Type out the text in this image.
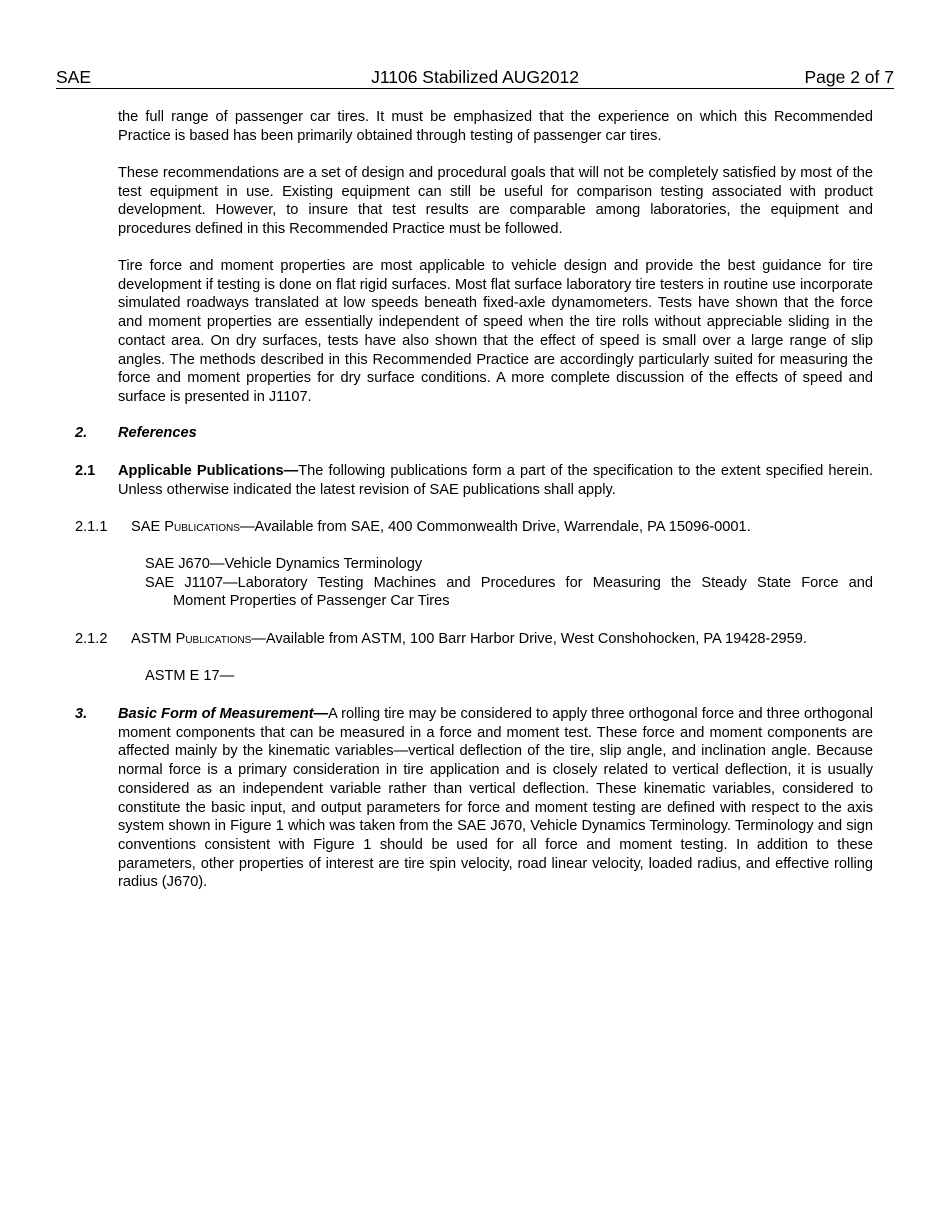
SAE	J1106 Stabilized AUG2012	Page 2 of 7

the full range of passenger car tires. It must be emphasized that the experience on which this Recommended Practice is based has been primarily obtained through testing of passenger car tires.

These recommendations are a set of design and procedural goals that will not be completely satisfied by most of the test equipment in use. Existing equipment can still be useful for comparison testing associated with product development. However, to insure that test results are comparable among laboratories, the equipment and procedures defined in this Recommended Practice must be followed.

Tire force and moment properties are most applicable to vehicle design and provide the best guidance for tire development if testing is done on flat rigid surfaces. Most flat surface laboratory tire testers in routine use incorporate simulated roadways translated at low speeds beneath fixed-axle dynamometers. Tests have shown that the force and moment properties are essentially independent of speed when the tire rolls without appreciable sliding in the contact area. On dry surfaces, tests have also shown that the effect of speed is small over a large range of slip angles. The methods described in this Recommended Practice are accordingly particularly suited for measuring the force and moment properties for dry surface conditions. A more complete discussion of the effects of speed and surface is presented in J1107.

2. References
2.1 Applicable Publications—The following publications form a part of the specification to the extent specified herein. Unless otherwise indicated the latest revision of SAE publications shall apply.

2.1.1 SAE Publications—Available from SAE, 400 Commonwealth Drive, Warrendale, PA 15096-0001.

SAE J670—Vehicle Dynamics Terminology

SAE J1107—Laboratory Testing Machines and Procedures for Measuring the Steady State Force and

Moment Properties of Passenger Car Tires

2.1.2 ASTM Publications—Available from ASTM, 100 Barr Harbor Drive, West Conshohocken, PA 19428-2959.

ASTM E 17—

3. Basic Form of Measurement—A rolling tire may be considered to apply three orthogonal force and three orthogonal moment components that can be measured in a force and moment test. These force and moment components are affected mainly by the kinematic variables—vertical deflection of the tire, slip angle, and inclination angle. Because normal force is a primary consideration in tire application and is closely related to vertical deflection, it is usually considered as an independent variable rather than vertical deflection. These kinematic variables, considered to constitute the basic input, and output parameters for force and moment testing are defined with respect to the axis system shown in Figure 1 which was taken from the SAE J670, Vehicle Dynamics Terminology. Terminology and sign conventions consistent with Figure 1 should be used for all force and moment testing. In addition to these parameters, other properties of interest are tire spin velocity, road linear velocity, loaded radius, and effective rolling radius (J670).
